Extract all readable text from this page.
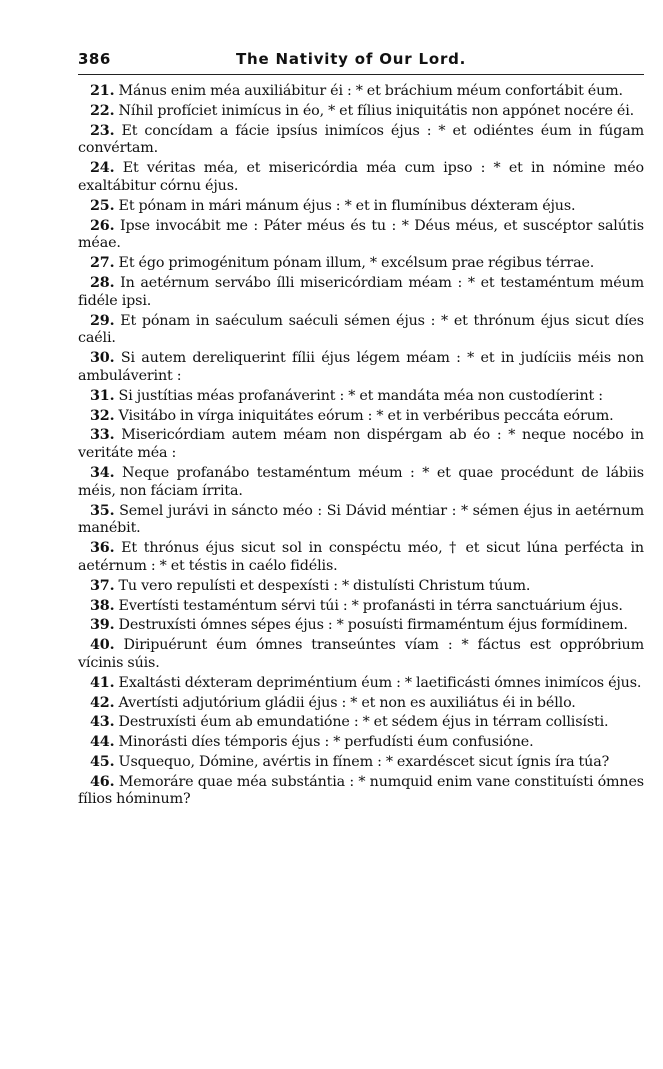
386	The Nativity of Our Lord.
21. Mánus enim méa auxiliábitur éi : * et bráchium méum confortábit éum.
22. Níhil profíciet inimícus in éo, * et fílius iniquitátis non appónet nocére éi.
23. Et concídam a fácie ipsíus inimícos éjus : * et odiéntes éum in fúgam convértam.
24. Et véritas méa, et misericórdia méa cum ipso : * et in nómine méo exaltábitur córnu éjus.
25. Et pónam in mári mánum éjus : * et in flumínibus déxteram éjus.
26. Ipse invocábit me : Páter méus és tu : * Déus méus, et suscéptor salútis méae.
27. Et égo primogénitum pónam illum, * excélsum prae régibus térrae.
28. In aetérnum servábo ílli misericórdiam méam : * et testaméntum méum fidéle ipsi.
29. Et pónam in saéculum saéculi sémen éjus : * et thrónum éjus sicut díes caéli.
30. Si autem dereliquerint fílii éjus légem méam : * et in judíciis méis non ambuláverint :
31. Si justítias méas profanáverint : * et mandáta méa non custodíerint :
32. Visitábo in vírga iniquitátes eórum : * et in verbéribus peccáta eórum.
33. Misericórdiam autem méam non dispérgam ab éo : * neque nocébo in veritáte méa :
34. Neque profanábo testaméntum méum : * et quae procédunt de lábiis méis, non fáciam írrita.
35. Semel jurávi in sáncto méo : Si Dávid méntiar : * sémen éjus in aetérnum manébit.
36. Et thrónus éjus sicut sol in conspéctu méo, † et sicut lúna perfécta in aetérnum : * et téstis in caélo fidélis.
37. Tu vero repulísti et despexísti : * distulísti Christum túum.
38. Evertísti testaméntum sérvi túi : * profanásti in térra sanctuárium éjus.
39. Destruxísti ómnes sépes éjus : * posuísti firmaméntum éjus formídinem.
40. Diripuérunt éum ómnes transeúntes víam : * fáctus est oppróbrium vícinis súis.
41. Exaltásti déxteram depriméntium éum : * laetificásti ómnes inimícos éjus.
42. Avertísti adjutórium gládii éjus : * et non es auxiliátus éi in béllo.
43. Destruxísti éum ab emundatióne : * et sédem éjus in térram collisísti.
44. Minorásti díes témporis éjus : * perfudísti éum confusióne.
45. Usquequo, Dómine, avértis in fínem : * exardéscet sicut ígnis íra túa?
46. Memoráre quae méa substántia : * numquid enim vane constituísti ómnes fílios hóminum?
